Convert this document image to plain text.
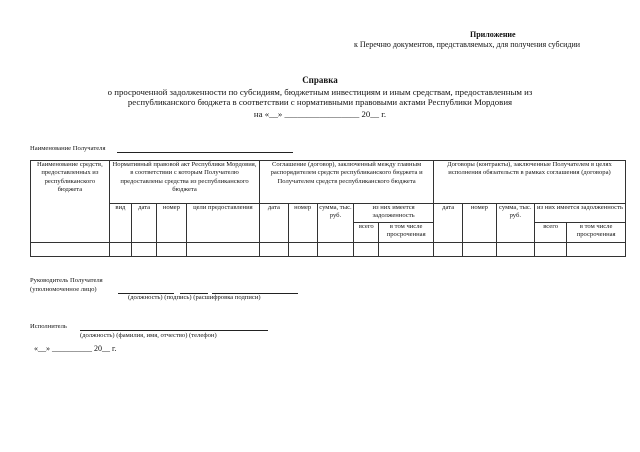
Приложение
к Перечню документов, представляемых, для получения субсидии
Справка
о просроченной задолженности по субсидиям, бюджетным инвестициям и иным средствам, предоставленным из
республиканского бюджета в соответствии с нормативными правовыми актами Республики Мордовия
на «__» _________________ 20__ г.
Наименование Получателя
Наименование средств, предоставленных из республиканского бюджета	Нормативный правовой акт Республики Мордовия, в соответствии с которым Получателю предоставлены средства из республиканского бюджета				Соглашение (договор), заключенный между главным распорядителем средств республиканского бюджета и Получателем средств республиканского бюджета					Договоры (контракты), заключенные Получателем в целях исполнения обязательств в рамках соглашения (договора)				
	вид	дата	номер	цели предоставления	дата	номер	сумма, тыс. руб.	из них имеется задолженность		дата	номер	сумма, тыс. руб.	из них имеется задолженность	
								всего	в том числе просроченная				всего	в том числе просроченная

Руководитель Получателя
(уполномоченное лицо)
(должность) (подпись) (расшифровка подписи)
Исполнитель
(должность) (фамилия, имя, отчество) (телефон)
«__» __________ 20__ г.
